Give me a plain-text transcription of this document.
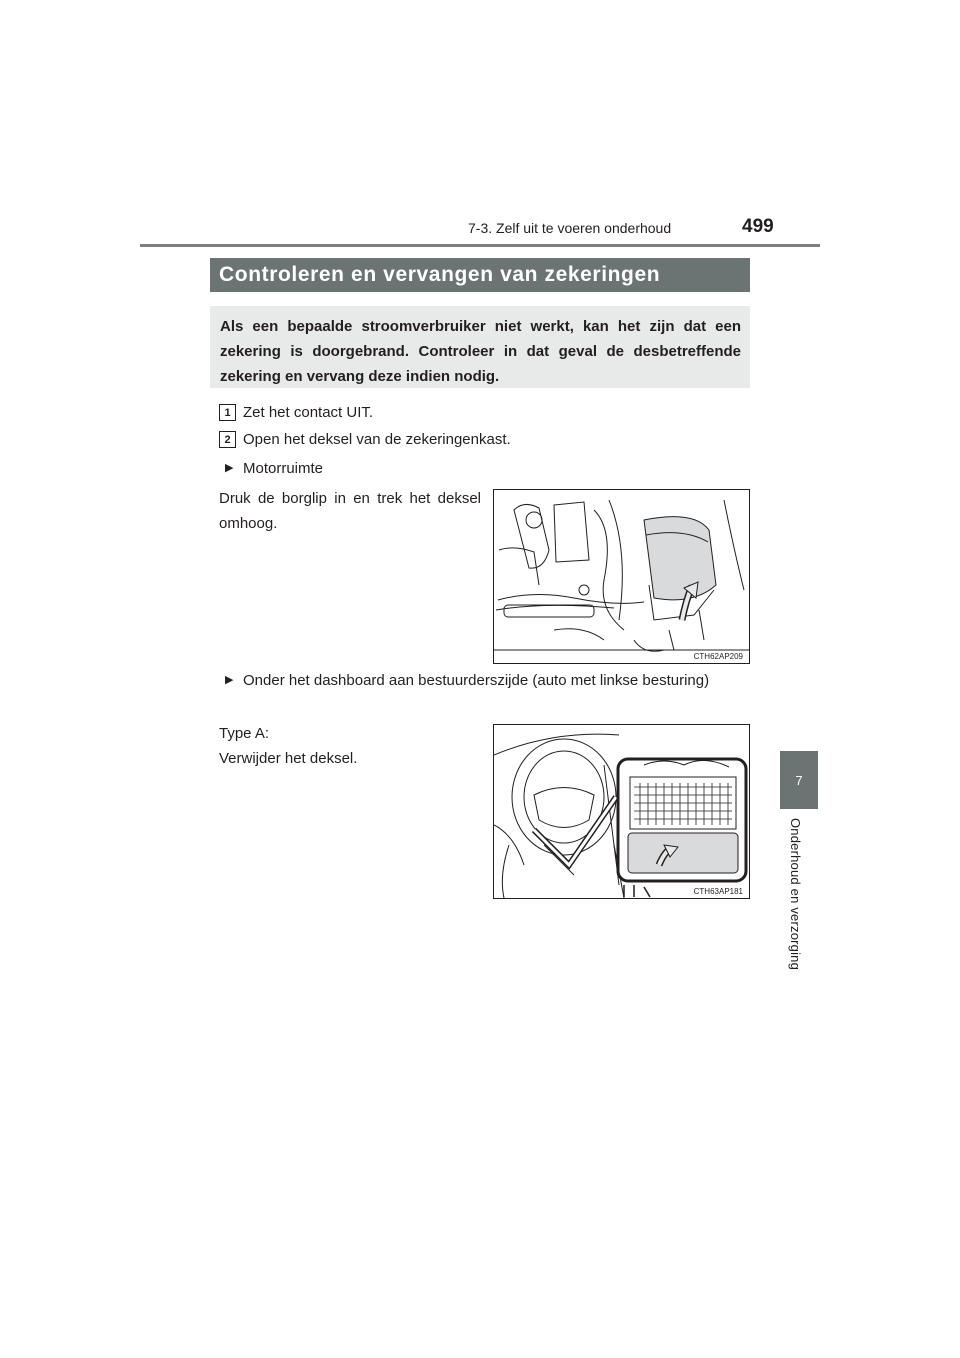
7-3. Zelf uit te voeren onderhoud	499
7
Onderhoud en verzorging
Controleren en vervangen van zekeringen
Als een bepaalde stroomverbruiker niet werkt, kan het zijn dat een zekering is doorgebrand. Controleer in dat geval de desbetreffende zekering en vervang deze indien nodig.
1 Zet het contact UIT.
2 Open het deksel van de zekeringenkast.
▶ Motorruimte
Druk de borglip in en trek het deksel omhoog.
CTH62AP209
▶ Onder het dashboard aan bestuurderszijde (auto met linkse besturing)
Type A:
Verwijder het deksel.
CTH63AP181
